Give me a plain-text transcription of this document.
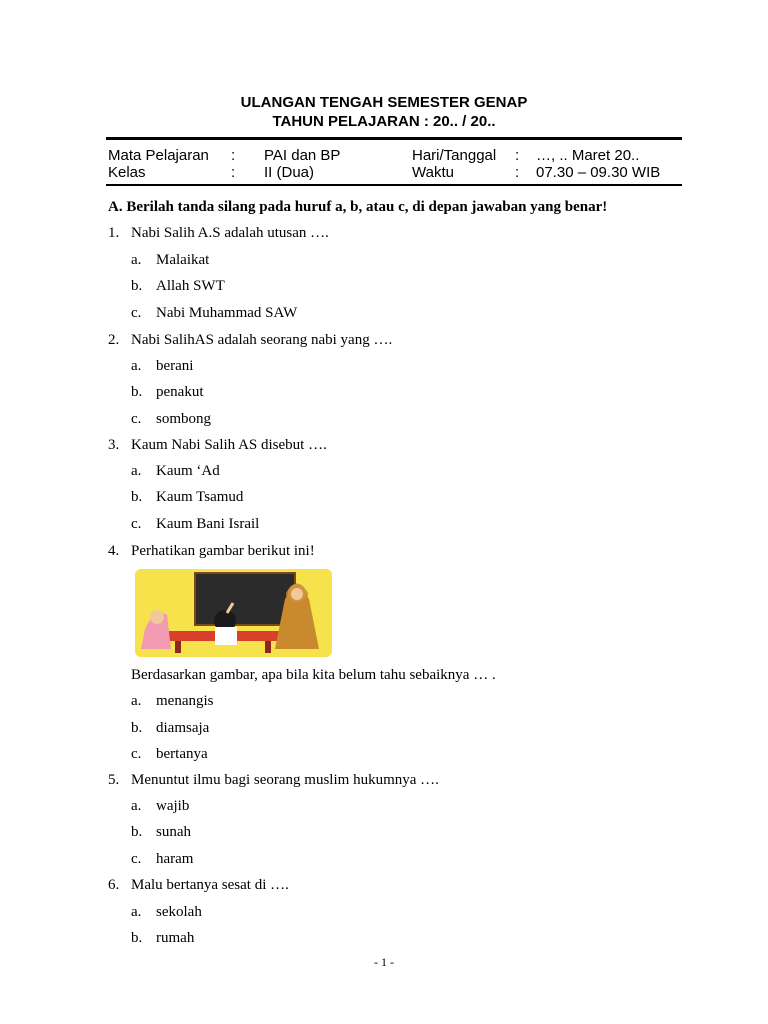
ULANGAN TENGAH SEMESTER GENAP
TAHUN PELAJARAN : 20.. / 20..
Mata Pelajaran : PAI dan BP	Hari/Tanggal : …, .. Maret 20..
Kelas	: II (Dua)	Waktu	: 07.30 – 09.30 WIB
A. Berilah tanda silang pada huruf a, b, atau c, di depan jawaban yang benar!
1. Nabi Salih A.S adalah utusan ….
a. Malaikat
b. Allah SWT
c. Nabi Muhammad SAW
2. Nabi SalihAS adalah seorang nabi yang ….
a. berani
b. penakut
c. sombong
3. Kaum Nabi Salih AS disebut ….
a. Kaum ‘Ad
b. Kaum Tsamud
c. Kaum Bani Israil
4. Perhatikan gambar berikut ini!
Berdasarkan gambar, apa bila kita belum tahu sebaiknya … .
a. menangis
b. diamsaja
c. bertanya
5. Menuntut ilmu bagi seorang muslim hukumnya ….
a. wajib
b. sunah
c. haram
6. Malu bertanya sesat di ….
a. sekolah
b. rumah
- 1 -
